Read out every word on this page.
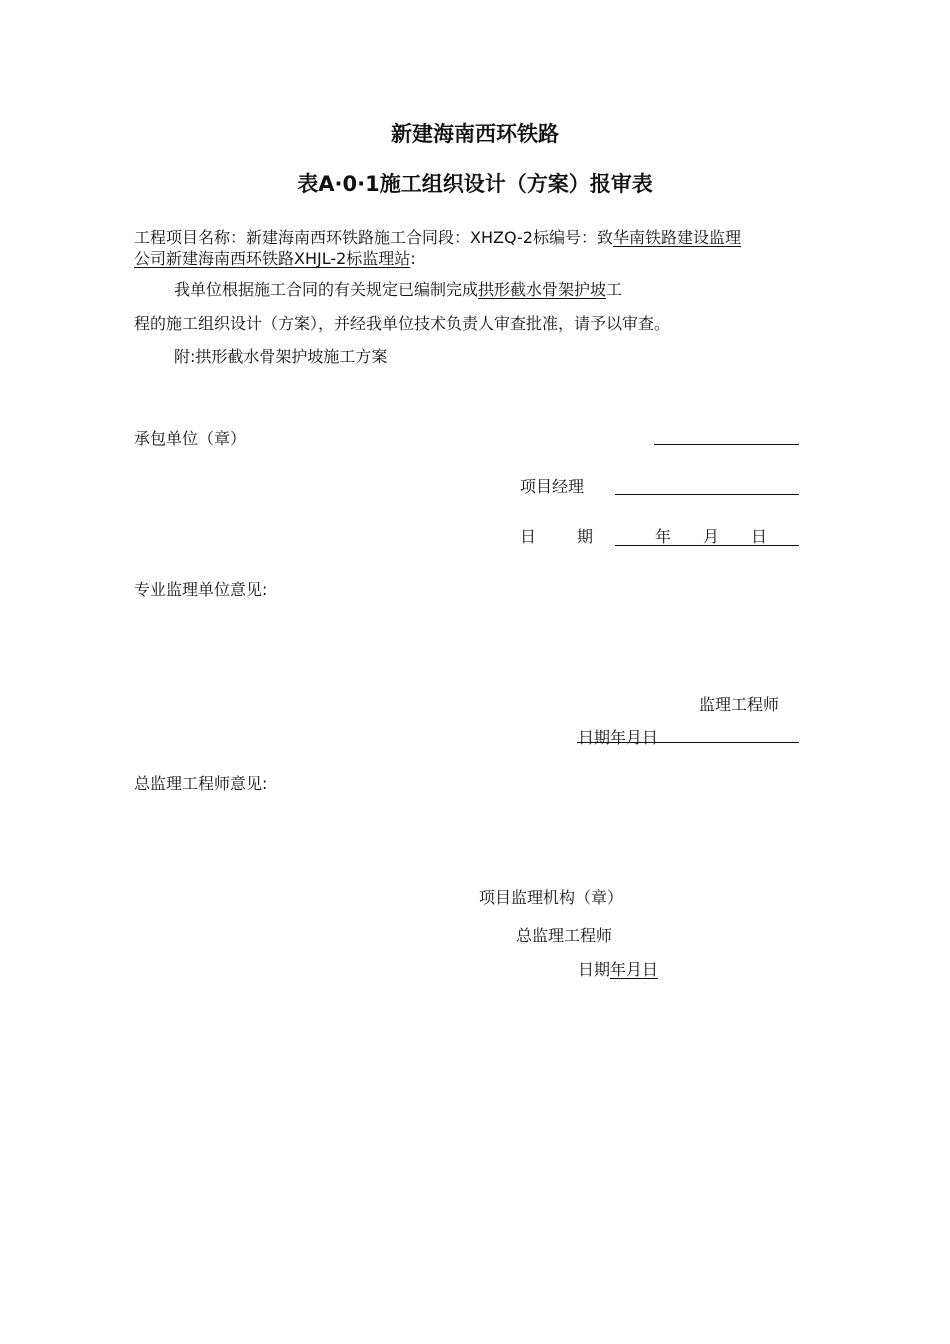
新建海南西环铁路
表A·0·1施工组织设计（方案）报审表
工程项目名称：新建海南西环铁路施工合同段：XHZQ-2标编号：致华南铁路建设监理
公司新建海南西环铁路XHJL-2标监理站:
我单位根据施工合同的有关规定已编制完成拱形截水骨架护坡工
程的施工组织设计（方案），并经我单位技术负责人审查批准，请予以审查。
附:拱形截水骨架护坡施工方案
承包单位（章）
项目经理
日	期	年 月 日
专业监理单位意见:
监理工程师
日期年月日
总监理工程师意见:
项目监理机构（章）
总监理工程师
日期年月日
